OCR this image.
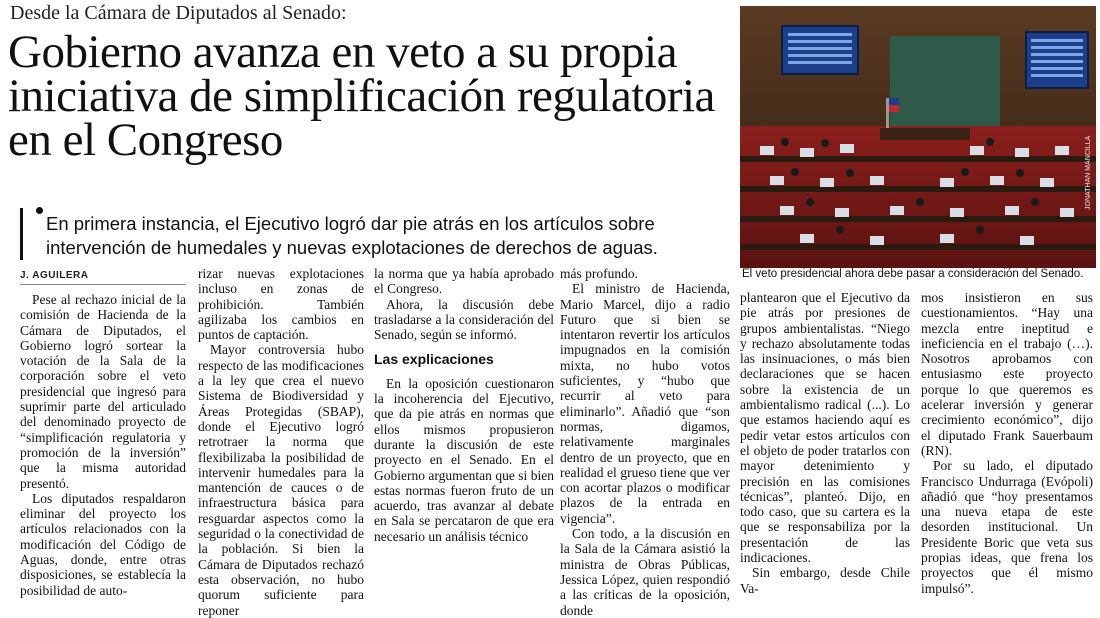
Desde la Cámara de Diputados al Senado:
Gobierno avanza en veto a su propia iniciativa de simplificación regulatoria en el Congreso
En primera instancia, el Ejecutivo logró dar pie atrás en los artículos sobre intervención de humedales y nuevas explotaciones de derechos de aguas.
J. AGUILERA
JONATHAN MANCILLA
El veto presidencial ahora debe pasar a consideración del Senado.

Pese al rechazo inicial de la comisión de Hacienda de la Cámara de Diputados, el Gobierno logró sortear la votación de la Sala de la corporación sobre el veto presidencial que ingresó para suprimir parte del articulado del denominado proyecto de “simplificación regulatoria y promoción de la inversión” que la misma autoridad presentó.

Los diputados respaldaron eliminar del proyecto los artículos relacionados con la modificación del Código de Aguas, donde, entre otras disposiciones, se establecía la posibilidad de auto-

rizar nuevas explotaciones incluso en zonas de prohibición. También agilizaba los cambios en puntos de captación.

Mayor controversia hubo respecto de las modificaciones a la ley que crea el nuevo Sistema de Biodiversidad y Áreas Protegidas (SBAP), donde el Ejecutivo logró retrotraer la norma que flexibilizaba la posibilidad de intervenir humedales para la mantención de cauces o de infraestructura básica para resguardar aspectos como la seguridad o la conectividad de la población. Si bien la Cámara de Diputados rechazó esta observación, no hubo quorum suficiente para reponer

la norma que ya había aprobado el Congreso.

Ahora, la discusión debe trasladarse a la consideración del Senado, según se informó.

Las explicaciones

En la oposición cuestionaron la incoherencia del Ejecutivo, que da pie atrás en normas que ellos mismos propusieron durante la discusión de este proyecto en el Senado. En el Gobierno argumentan que si bien estas normas fueron fruto de un acuerdo, tras avanzar al debate en Sala se percataron de que era necesario un análisis técnico

más profundo.

El ministro de Hacienda, Mario Marcel, dijo a radio Futuro que si bien se intentaron revertir los artículos impugnados en la comisión mixta, no hubo votos suficientes, y “hubo que recurrir al veto para eliminarlo”. Añadió que “son normas, digamos, relativamente marginales dentro de un proyecto, que en realidad el grueso tiene que ver con acortar plazos o modificar plazos de la entrada en vigencia”.

Con todo, a la discusión en la Sala de la Cámara asistió la ministra de Obras Públicas, Jessica López, quien respondió a las críticas de la oposición, donde

plantearon que el Ejecutivo da pie atrás por presiones de grupos ambientalistas. “Niego y rechazo absolutamente todas las insinuaciones, o más bien declaraciones que se hacen sobre la existencia de un ambientalismo radical (...). Lo que estamos haciendo aquí es pedir vetar estos artículos con el objeto de poder tratarlos con mayor detenimiento y precisión en las comisiones técnicas”, planteó. Dijo, en todo caso, que su cartera es la que se responsabiliza por la presentación de las indicaciones.

Sin embargo, desde Chile Va-

mos insistieron en sus cuestionamientos. “Hay una mezcla entre ineptitud e ineficiencia en el trabajo (…). Nosotros aprobamos con entusiasmo este proyecto porque lo que queremos es acelerar inversión y generar crecimiento económico”, dijo el diputado Frank Sauerbaum (RN).

Por su lado, el diputado Francisco Undurraga (Evópoli) añadió que “hoy presentamos una nueva etapa de este desorden institucional. Un Presidente Boric que veta sus propias ideas, que frena los proyectos que él mismo impulsó”.
